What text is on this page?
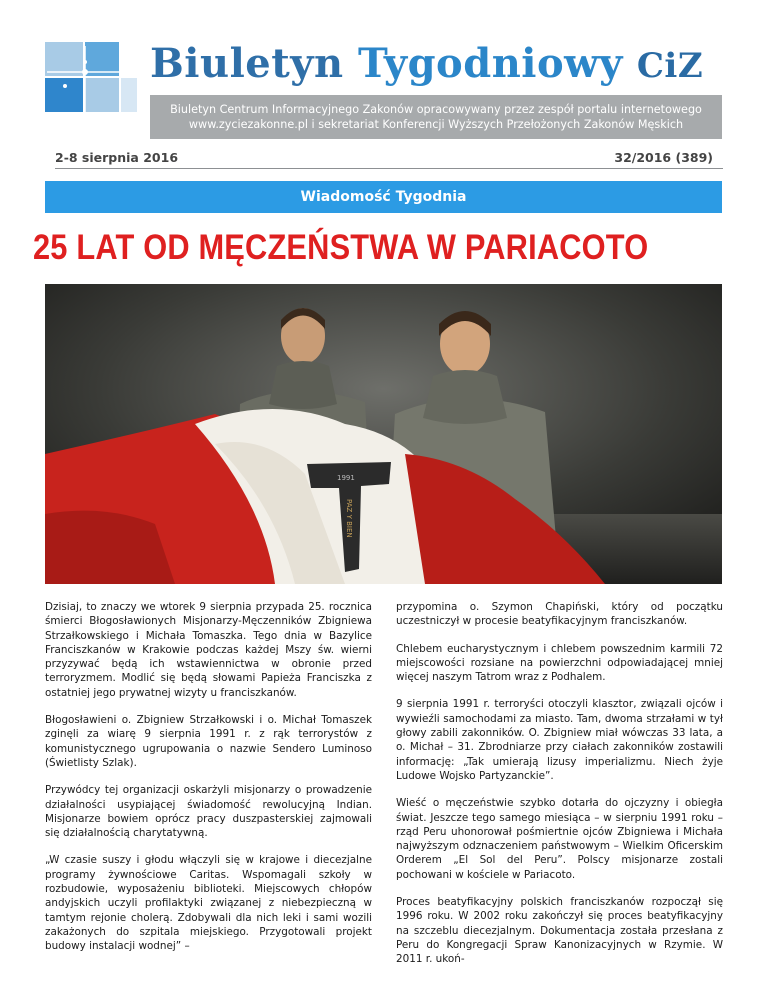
Biuletyn Tygodniowy CiZ
Biuletyn Centrum Informacyjnego Zakonów opracowywany przez zespół portalu internetowego
www.zyciezakonne.pl i sekretariat Konferencji Wyższych Przełożonych Zakonów Męskich
2-8 sierpnia 2016	32/2016 (389)
Wiadomość Tygodnia
25 LAT OD MĘCZEŃSTWA W PARIACOTO
1991
PAZ Y BIEN

Dzisiaj, to znaczy we wtorek 9 sierpnia przypada 25. rocznica śmierci Błogosławionych Misjonarzy-Męczenników Zbigniewa Strzałkowskiego i Michała Tomaszka. Tego dnia w Bazylice Franciszkanów w Krakowie podczas każdej Mszy św. wierni przyzywać będą ich wstawiennictwa w obronie przed terroryzmem. Modlić się będą słowami Papieża Franciszka z ostatniej jego prywatnej wizyty u franciszkanów.

Błogosławieni o. Zbigniew Strzałkowski i o. Michał Tomaszek zginęli za wiarę 9 sierpnia 1991 r. z rąk terrorystów z komunistycznego ugrupowania o nazwie Sendero Luminoso (Świetlisty Szlak).

Przywódcy tej organizacji oskarżyli misjonarzy o prowadzenie działalności usypiającej świadomość rewolucyjną Indian. Misjonarze bowiem oprócz pracy duszpasterskiej zajmowali się działalnością charytatywną.

„W czasie suszy i głodu włączyli się w krajowe i diecezjalne programy żywnościowe Caritas. Wspomagali szkoły w rozbudowie, wyposażeniu biblioteki. Miejscowych chłopów andyjskich uczyli profilaktyki związanej z niebezpieczną w tamtym rejonie cholerą. Zdobywali dla nich leki i sami wozili zakażonych do szpitala miejskiego. Przygotowali projekt budowy instalacji wodnej” –

przypomina o. Szymon Chapiński, który od początku uczestniczył w procesie beatyfikacyjnym franciszkanów.

Chlebem eucharystycznym i chlebem powszednim karmili 72 miejscowości rozsiane na powierzchni odpowiadającej mniej więcej naszym Tatrom wraz z Podhalem.

9 sierpnia 1991 r. terroryści otoczyli klasztor, związali ojców i wywieźli samochodami za miasto. Tam, dwoma strzałami w tył głowy zabili zakonników. O. Zbigniew miał wówczas 33 lata, a o. Michał – 31. Zbrodniarze przy ciałach zakonników zostawili informację: „Tak umierają lizusy imperializmu. Niech żyje Ludowe Wojsko Partyzanckie”.

Wieść o męczeństwie szybko dotarła do ojczyzny i obiegła świat. Jeszcze tego samego miesiąca – w sierpniu 1991 roku – rząd Peru uhonorował pośmiertnie ojców Zbigniewa i Michała najwyższym odznaczeniem państwowym – Wielkim Oficerskim Orderem „El Sol del Peru”. Polscy misjonarze zostali pochowani w kościele w Pariacoto.

Proces beatyfikacyjny polskich franciszkanów rozpoczął się 1996 roku. W 2002 roku zakończył się proces beatyfikacyjny na szczeblu diecezjalnym. Dokumentacja została przesłana z Peru do Kongregacji Spraw Kanonizacyjnych w Rzymie. W 2011 r. ukoń-
